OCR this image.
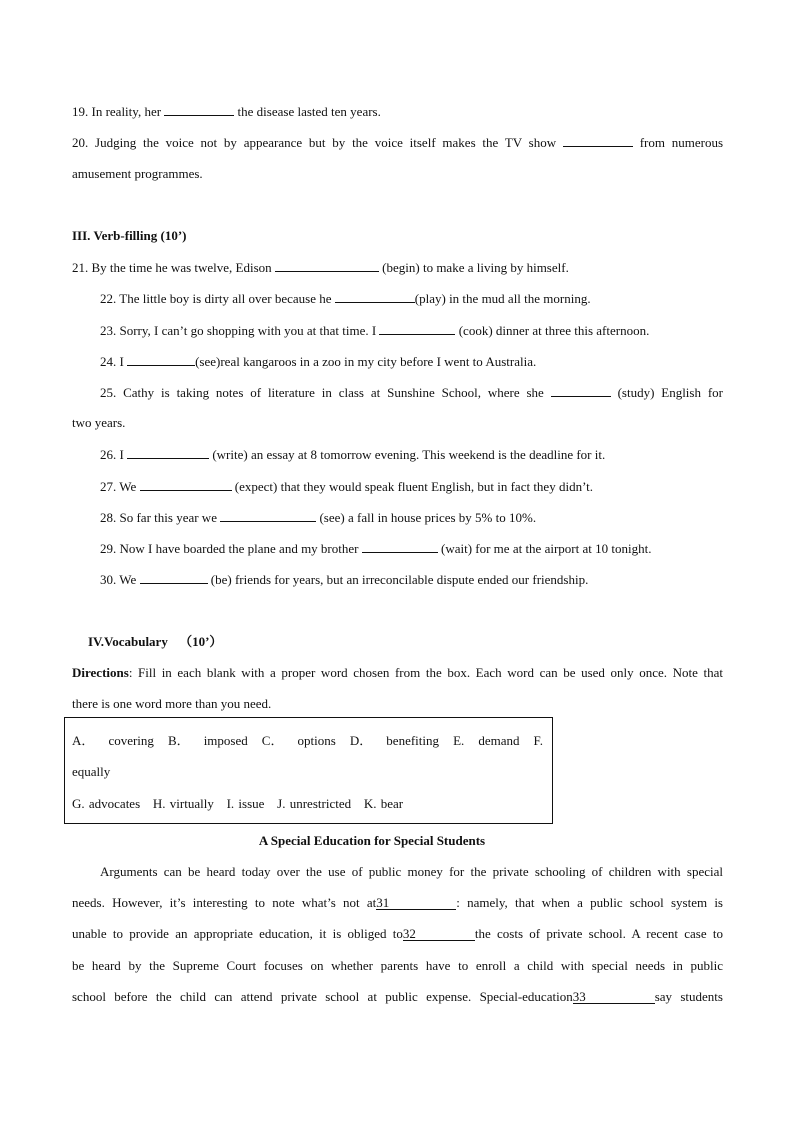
19. In reality, her	the disease lasted ten years.
20. Judging the voice not by appearance but by the voice itself makes the TV show	from numerous
amusement programmes.
III. Verb-filling (10’)
21. By the time he was twelve, Edison	(begin) to make a living by himself.
22. The little boy is dirty all over because he	(play) in the mud all the morning.
23. Sorry, I can’t go shopping with you at that time. I	(cook) dinner at three this afternoon.
24. I	(see)real kangaroos in a zoo in my city before I went to Australia.
25. Cathy is taking notes of literature in class at Sunshine School, where she	(study) English for
two years.
26. I	(write) an essay at 8 tomorrow evening. This weekend is the deadline for it.
27. We	(expect) that they would speak fluent English, but in fact they didn’t.
28. So far this year we	(see) a fall in house prices by 5% to 10%.
29. Now I have boarded the plane and my brother	(wait) for me at the airport at 10 tonight.
30. We	(be) friends for years, but an irreconcilable dispute ended our friendship.
IV.Vocabulary （10’）
Directions: Fill in each blank with a proper word chosen from the box. Each word can be used only once. Note that
there is one word more than you need.
A． covering B． imposed C． options D． benefiting E. demand F.
equally
G. advocates H. virtually I. issue J. unrestricted K. bear
A Special Education for Special Students
Arguments can be heard today over the use of public money for the private schooling of children with special
needs. However, it’s interesting to note what’s not at31	: namely, that when a public school system is
unable to provide an appropriate education, it is obliged to32	the costs of private school. A recent case to
be heard by the Supreme Court focuses on whether parents have to enroll a child with special needs in public
school before the child can attend private school at public expense. Special-education33	say students
